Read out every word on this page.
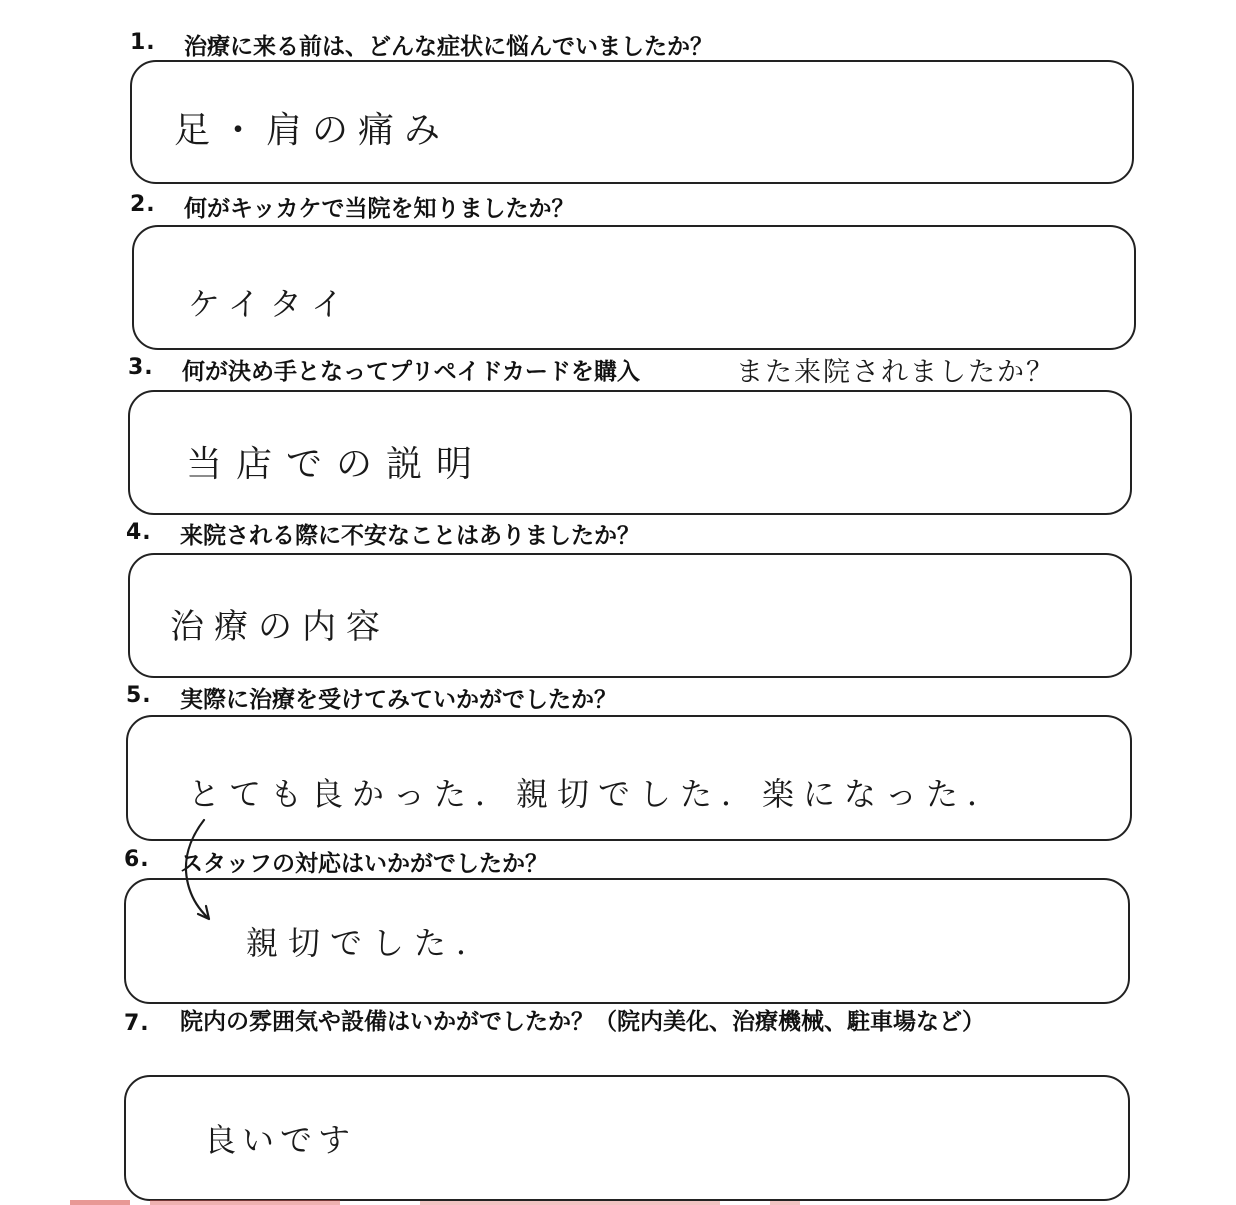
1. 治療に来る前は、どんな症状に悩んでいましたか？
足・肩の痛み
2. 何がキッカケで当院を知りましたか？
ケイタイ
3. 何が決め手となってプリペイドカードを購入	また来院されましたか？
当店での説明
4. 来院される際に不安なことはありましたか？
治療の内容
5. 実際に治療を受けてみていかがでしたか？
とても良かった．親切でした．楽になった．
6. スタッフの対応はいかがでしたか？
親切でした．
7. 院内の雰囲気や設備はいかがでしたか？（院内美化、治療機械、駐車場など）
良いです
